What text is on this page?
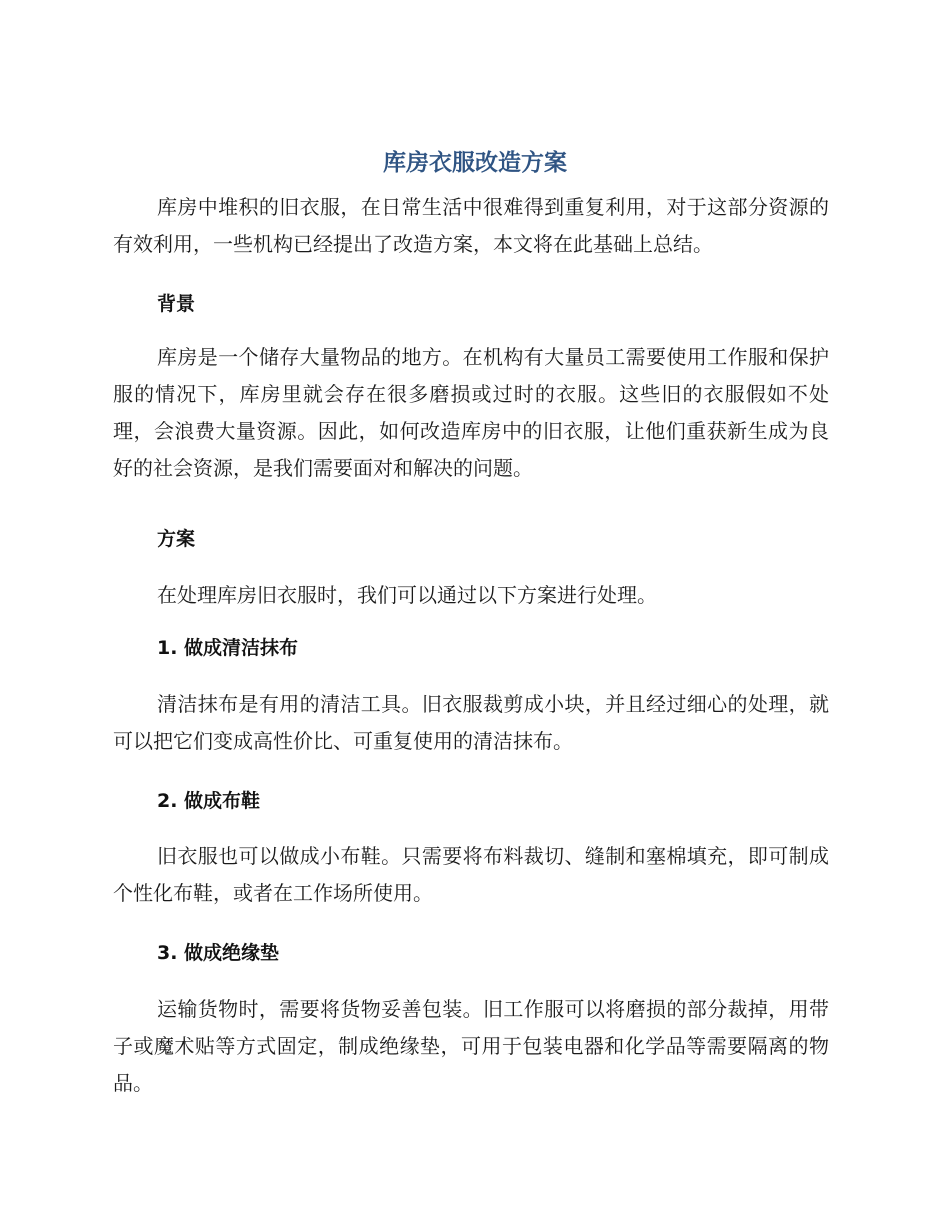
库房衣服改造方案

库房中堆积的旧衣服，在日常生活中很难得到重复利用，对于这部分资源的有效利用，一些机构已经提出了改造方案，本文将在此基础上总结。

背景

库房是一个储存大量物品的地方。在机构有大量员工需要使用工作服和保护服的情况下，库房里就会存在很多磨损或过时的衣服。这些旧的衣服假如不处理，会浪费大量资源。因此，如何改造库房中的旧衣服，让他们重获新生成为良好的社会资源，是我们需要面对和解决的问题。

方案

在处理库房旧衣服时，我们可以通过以下方案进行处理。

1. 做成清洁抹布

清洁抹布是有用的清洁工具。旧衣服裁剪成小块，并且经过细心的处理，就可以把它们变成高性价比、可重复使用的清洁抹布。

2. 做成布鞋

旧衣服也可以做成小布鞋。只需要将布料裁切、缝制和塞棉填充，即可制成个性化布鞋，或者在工作场所使用。

3. 做成绝缘垫

运输货物时，需要将货物妥善包装。旧工作服可以将磨损的部分裁掉，用带子或魔术贴等方式固定，制成绝缘垫，可用于包装电器和化学品等需要隔离的物品。
